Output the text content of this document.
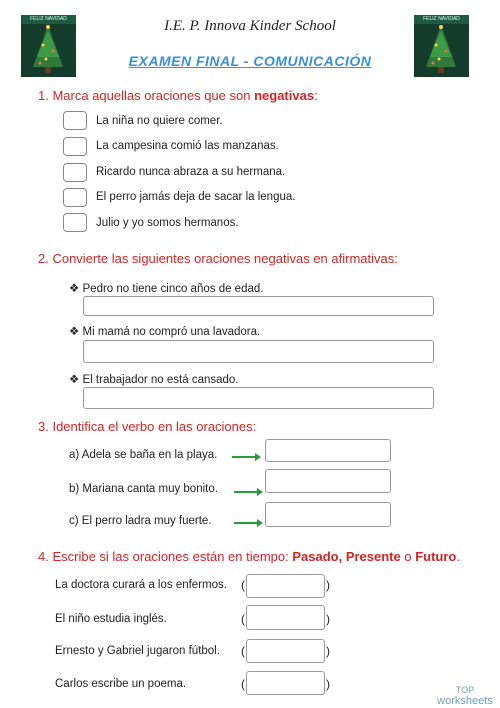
FELIZ NAVIDAD	FELIZ NAVIDAD
I.E. P. Innova Kinder School
EXAMEN FINAL - COMUNICACIÓN
1. Marca aquellas oraciones que son negativas:
La niña no quiere comer.
La campesina comió las manzanas.
Ricardo nunca abraza a su hermana.
El perro jamás deja de sacar la lengua.
Julio y yo somos hermanos.
2. Convierte las siguientes oraciones negativas en afirmativas:
❖ Pedro no tiene cinco años de edad.
❖ Mi mamá no compró una lavadora.
❖ El trabajador no está cansado.
3. Identifica el verbo en las oraciones:
a) Adela se baña en la playa.
b) Mariana canta muy bonito.
c) El perro ladra muy fuerte.
4. Escribe si las oraciones están en tiempo: Pasado, Presente o Futuro.
La doctora curará a los enfermos. (	)
El niño estudia inglés.	(	)
Ernesto y Gabriel jugaron fútbol. (	)
Carlos escribe un poema.	(	)	TOP
worksheets
